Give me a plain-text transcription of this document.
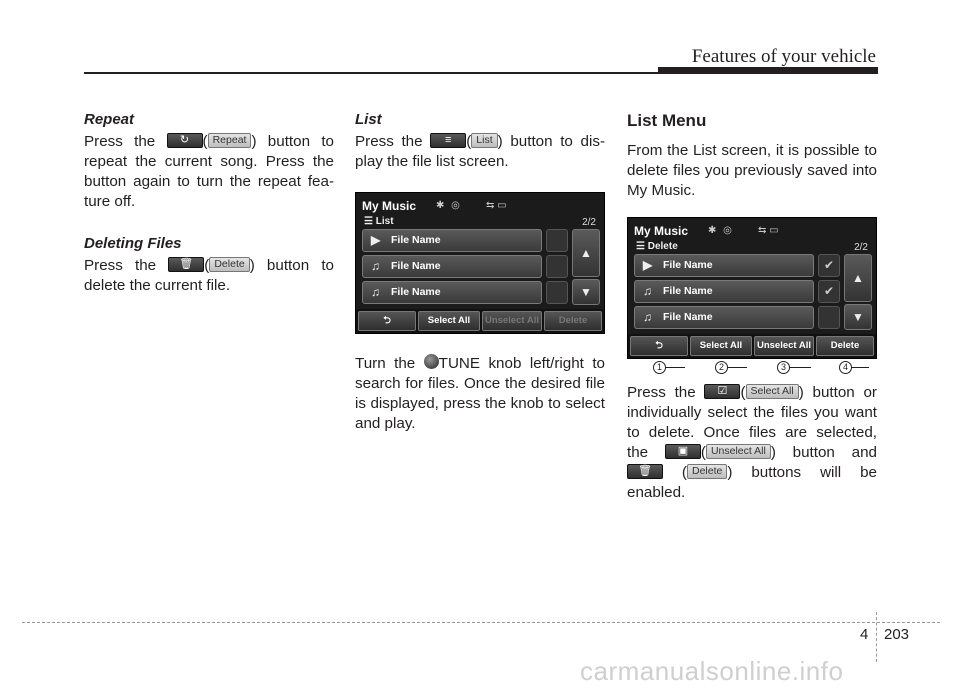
Features of your vehicle
Repeat

Press the ↻ ( Repeat ) button to repeat the current song. Press the button again to turn the repeat fea-ture off.

Deleting Files

Press the 🗑 ( Delete ) button to delete the current file.

List

Press the ≡ ( List ) button to dis-play the file list screen.

My Music ✱ ◎ ⇆ ▭
☰ List	2/2
▶ File Name
♫ File Name
♫ File Name
▲
▼
⮌	Select All	Unselect All	Delete

Turn the TUNE knob left/right to search for files. Once the desired file is displayed, press the knob to select and play.

List Menu

From the List screen, it is possible to delete files you previously saved into My Music.

My Music ✱ ◎ ⇆ ▭
☰ Delete	2/2
▶ File Name
♫ File Name
♫ File Name
✔
✔
▲
▼
⮌	Select All	Unselect All	Delete
1	2	3	4

Press the ☑ ( Select All ) button or individually select the files you want to delete. Once files are selected, the ▣ ( Unselect All ) button and 🗑 ( Delete ) buttons will be enabled.

4 203
carmanualsonline.info
